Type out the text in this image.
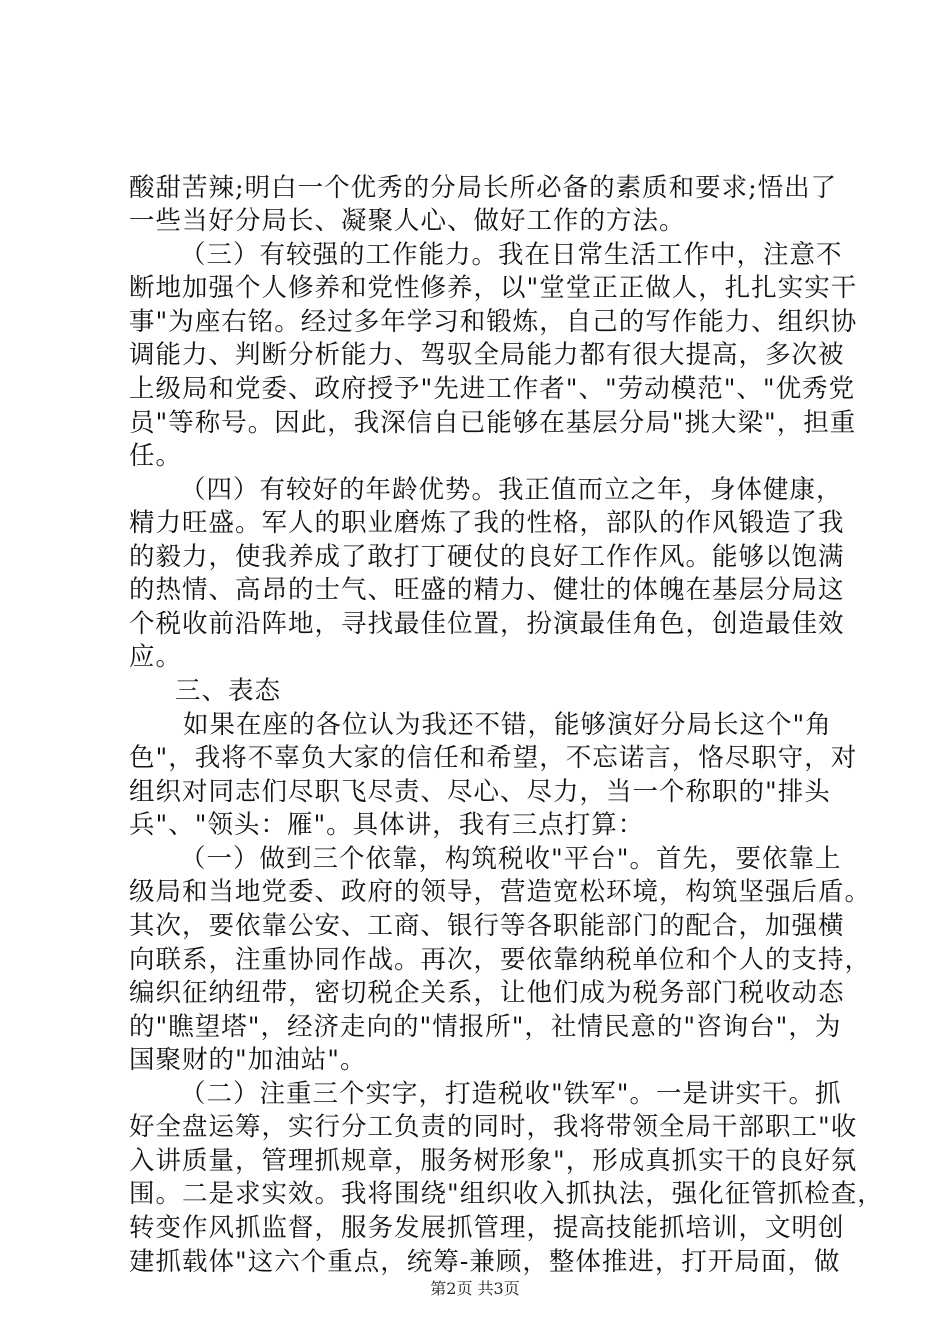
酸甜苦辣;明白一个优秀的分局长所必备的素质和要求;悟出了
一些当好分局长、凝聚人心、做好工作的方法。
（三）有较强的工作能力。我在日常生活工作中，注意不
断地加强个人修养和党性修养，以"堂堂正正做人，扎扎实实干
事"为座右铭。经过多年学习和锻炼，自己的写作能力、组织协
调能力、判断分析能力、驾驭全局能力都有很大提高，多次被
上级局和党委、政府授予"先进工作者"、"劳动模范"、"优秀党
员"等称号。因此，我深信自已能够在基层分局"挑大梁"，担重
任。
（四）有较好的年龄优势。我正值而立之年，身体健康，
精力旺盛。军人的职业磨炼了我的性格，部队的作风锻造了我
的毅力，使我养成了敢打丁硬仗的良好工作作风。能够以饱满
的热情、高昂的士气、旺盛的精力、健壮的体魄在基层分局这
个税收前沿阵地，寻找最佳位置，扮演最佳角色，创造最佳效
应。
三、表态
如果在座的各位认为我还不错，能够演好分局长这个"角
色"，我将不辜负大家的信任和希望，不忘诺言，恪尽职守，对
组织对同志们尽职飞尽责、尽心、尽力，当一个称职的"排头
兵"、"领头：雁"。具体讲，我有三点打算：
（一）做到三个依靠，构筑税收"平台"。首先，要依靠上
级局和当地党委、政府的领导，营造宽松环境，构筑坚强后盾。
其次，要依靠公安、工商、银行等各职能部门的配合，加强横
向联系，注重协同作战。再次，要依靠纳税单位和个人的支持，
编织征纳纽带，密切税企关系，让他们成为税务部门税收动态
的"瞧望塔"，经济走向的"情报所"，社情民意的"咨询台"，为
国聚财的"加油站"。
（二）注重三个实字，打造税收"铁军"。一是讲实干。抓
好全盘运筹，实行分工负责的同时，我将带领全局干部职工"收
入讲质量，管理抓规章，服务树形象"，形成真抓实干的良好氛
围。二是求实效。我将围绕"组织收入抓执法，强化征管抓检查，
转变作风抓监督，服务发展抓管理，提高技能抓培训，文明创
建抓载体"这六个重点，统筹-兼顾，整体推进，打开局面，做
第2页 共3页
